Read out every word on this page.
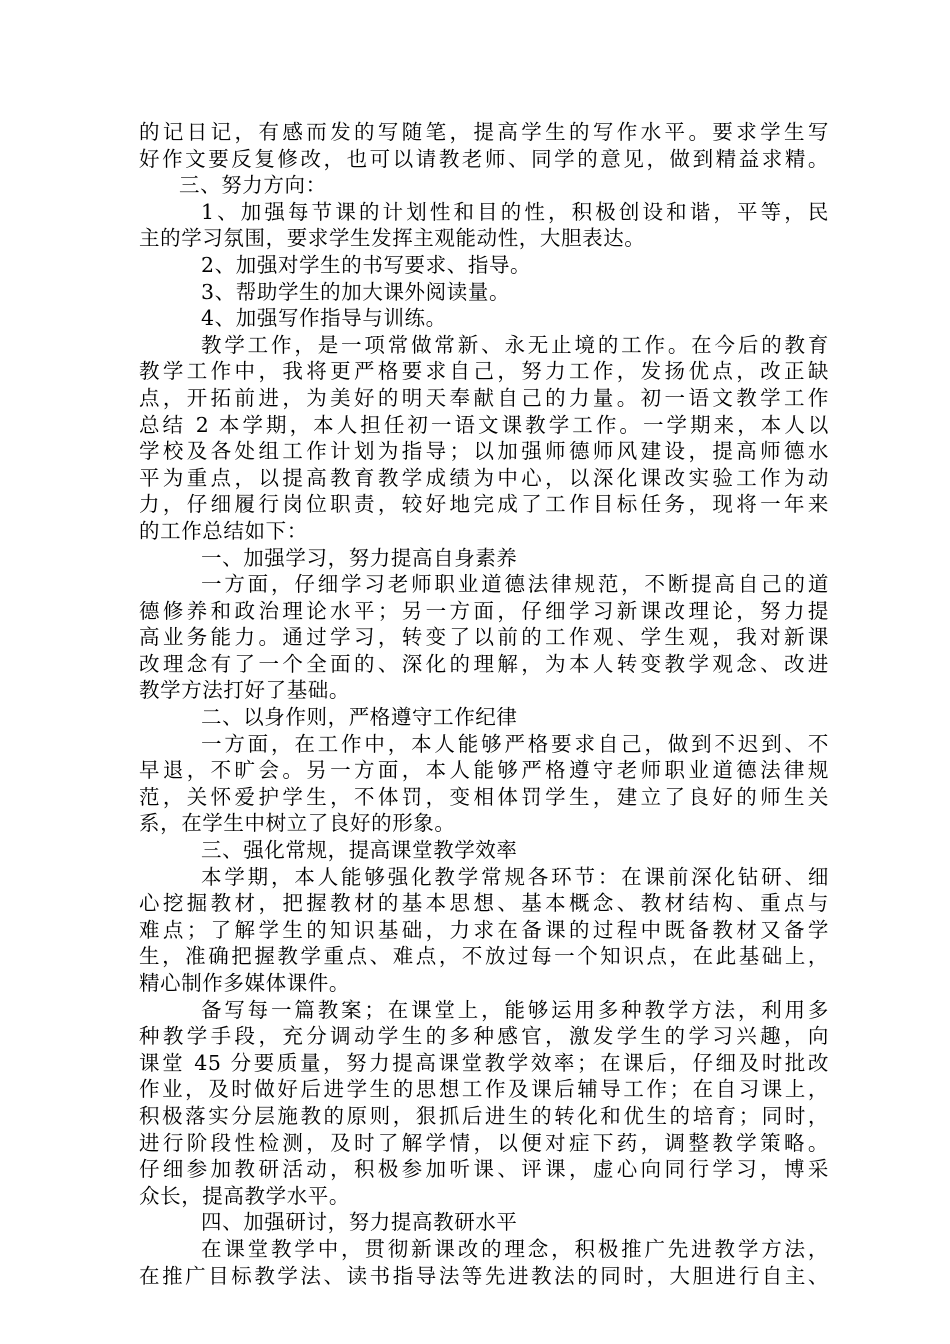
的记日记，有感而发的写随笔，提高学生的写作水平。要求学生写
好作文要反复修改，也可以请教老师、同学的意见，做到精益求精。
三、努力方向：
1、加强每节课的计划性和目的性，积极创设和谐，平等，民
主的学习氛围，要求学生发挥主观能动性，大胆表达。
2、加强对学生的书写要求、指导。
3、帮助学生的加大课外阅读量。
4、加强写作指导与训练。
教学工作，是一项常做常新、永无止境的工作。在今后的教育
教学工作中，我将更严格要求自己，努力工作，发扬优点，改正缺
点，开拓前进，为美好的明天奉献自己的力量。初一语文教学工作
总结 2 本学期，本人担任初一语文课教学工作。一学期来，本人以
学校及各处组工作计划为指导；以加强师德师风建设，提高师德水
平为重点，以提高教育教学成绩为中心，以深化课改实验工作为动
力，仔细履行岗位职责，较好地完成了工作目标任务，现将一年来
的工作总结如下：
一、加强学习，努力提高自身素养
一方面，仔细学习老师职业道德法律规范，不断提高自己的道
德修养和政治理论水平；另一方面，仔细学习新课改理论，努力提
高业务能力。通过学习，转变了以前的工作观、学生观，我对新课
改理念有了一个全面的、深化的理解，为本人转变教学观念、改进
教学方法打好了基础。
二、以身作则，严格遵守工作纪律
一方面，在工作中，本人能够严格要求自己，做到不迟到、不
早退，不旷会。另一方面，本人能够严格遵守老师职业道德法律规
范，关怀爱护学生，不体罚，变相体罚学生，建立了良好的师生关
系，在学生中树立了良好的形象。
三、强化常规，提高课堂教学效率
本学期，本人能够强化教学常规各环节：在课前深化钻研、细
心挖掘教材，把握教材的基本思想、基本概念、教材结构、重点与
难点；了解学生的知识基础，力求在备课的过程中既备教材又备学
生，准确把握教学重点、难点，不放过每一个知识点，在此基础上，
精心制作多媒体课件。
备写每一篇教案；在课堂上，能够运用多种教学方法，利用多
种教学手段，充分调动学生的多种感官，激发学生的学习兴趣，向
课堂 45 分要质量，努力提高课堂教学效率；在课后，仔细及时批改
作业，及时做好后进学生的思想工作及课后辅导工作；在自习课上，
积极落实分层施教的原则，狠抓后进生的转化和优生的培育；同时，
进行阶段性检测，及时了解学情，以便对症下药，调整教学策略。
仔细参加教研活动，积极参加听课、评课，虚心向同行学习，博采
众长，提高教学水平。
四、加强研讨，努力提高教研水平
在课堂教学中，贯彻新课改的理念，积极推广先进教学方法，
在推广目标教学法、读书指导法等先进教法的同时，大胆进行自主、
